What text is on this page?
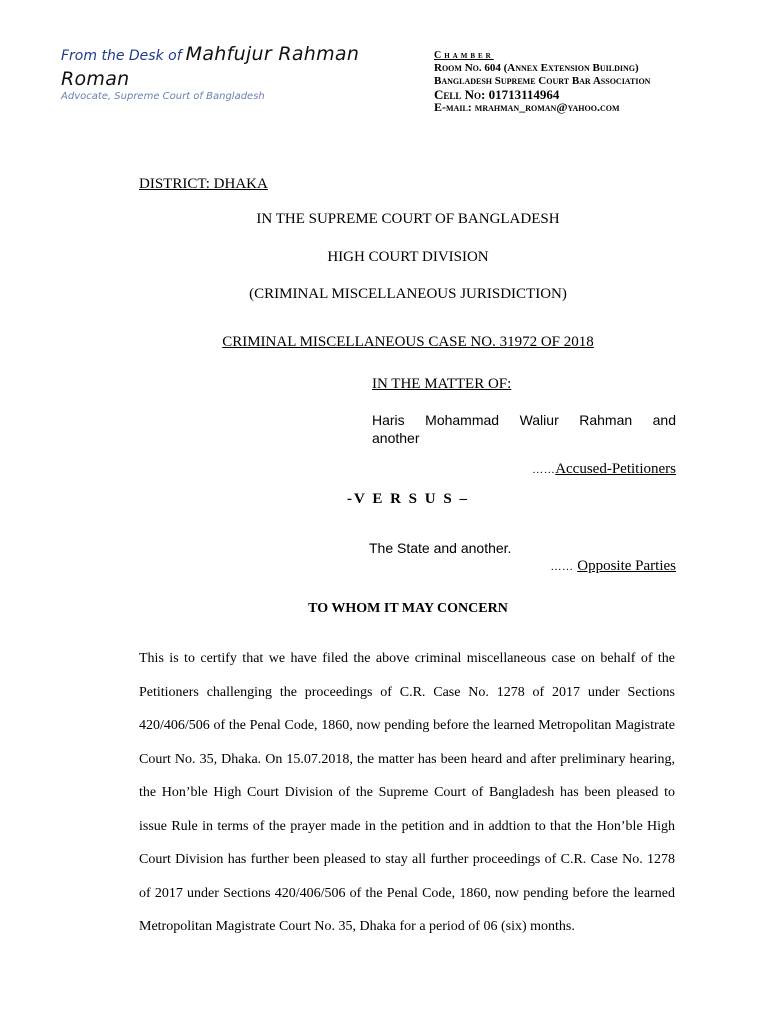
From the Desk of Mahfujur Rahman
Roman
Advocate, Supreme Court of Bangladesh
Chamber
Room No. 604 (Annex Extension Building)
Bangladesh Supreme Court Bar Association
Cell No: 01713114964
E-mail: mrahman_roman@yahoo.com
DISTRICT: DHAKA
IN THE SUPREME COURT OF BANGLADESH
HIGH COURT DIVISION
(CRIMINAL MISCELLANEOUS JURISDICTION)
CRIMINAL MISCELLANEOUS CASE NO. 31972 OF 2018
IN THE MATTER OF:
Haris Mohammad Waliur Rahman and
another
……Accused-Petitioners
-V E R S U S –
The State and another.
…… Opposite Parties
TO WHOM IT MAY CONCERN
This is to certify that we have filed the above criminal miscellaneous case on behalf of the Petitioners challenging the proceedings of C.R. Case No. 1278 of 2017 under Sections 420/406/506 of the Penal Code, 1860, now pending before the learned Metropolitan Magistrate Court No. 35, Dhaka. On 15.07.2018, the matter has been heard and after preliminary hearing, the Hon’ble High Court Division of the Supreme Court of Bangladesh has been pleased to issue Rule in terms of the prayer made in the petition and in addtion to that the Hon’ble High Court Division has further been pleased to stay all further proceedings of C.R. Case No. 1278 of 2017 under Sections 420/406/506 of the Penal Code, 1860, now pending before the learned Metropolitan Magistrate Court No. 35, Dhaka for a period of 06 (six) months.
